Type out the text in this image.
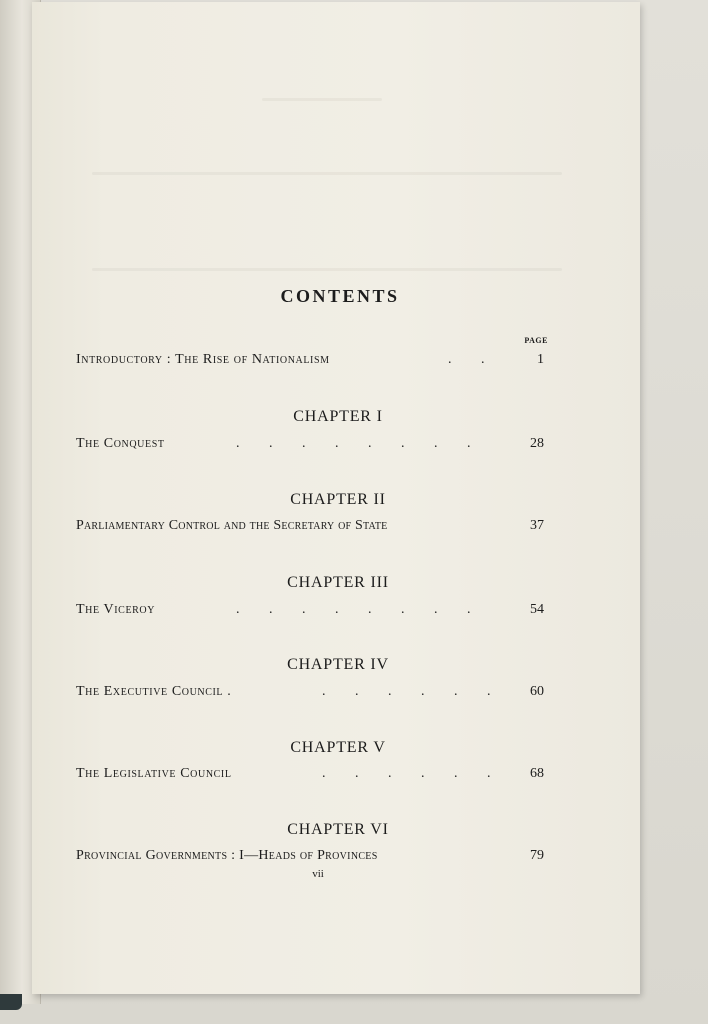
CONTENTS
PAGE
Introductory : The Rise of Nationalism	. .	1
CHAPTER I
The Conquest	. . . . . . . .	28
CHAPTER II
Parliamentary Control and the Secretary of State	37
CHAPTER III
The Viceroy	. . . . . . . .	54
CHAPTER IV
The Executive Council .	. . . . . . 60
CHAPTER V
The Legislative Council	. . . . . . 68
CHAPTER VI
Provincial Governments : I—Heads of Provinces	79
vii
